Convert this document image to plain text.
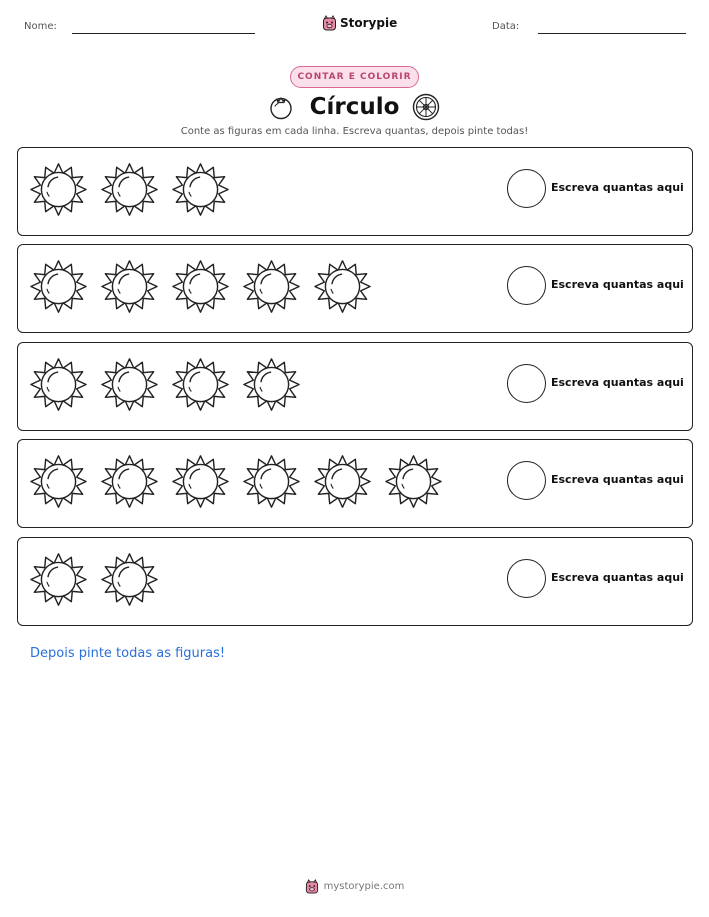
Nome:	Storypie	Data:
CONTAR E COLORIR
Círculo
Conte as figuras em cada linha. Escreva quantas, depois pinte todas!
Escreva quantas aqui
Escreva quantas aqui
Escreva quantas aqui
Escreva quantas aqui
Escreva quantas aqui
Depois pinte todas as figuras!
mystorypie.com
